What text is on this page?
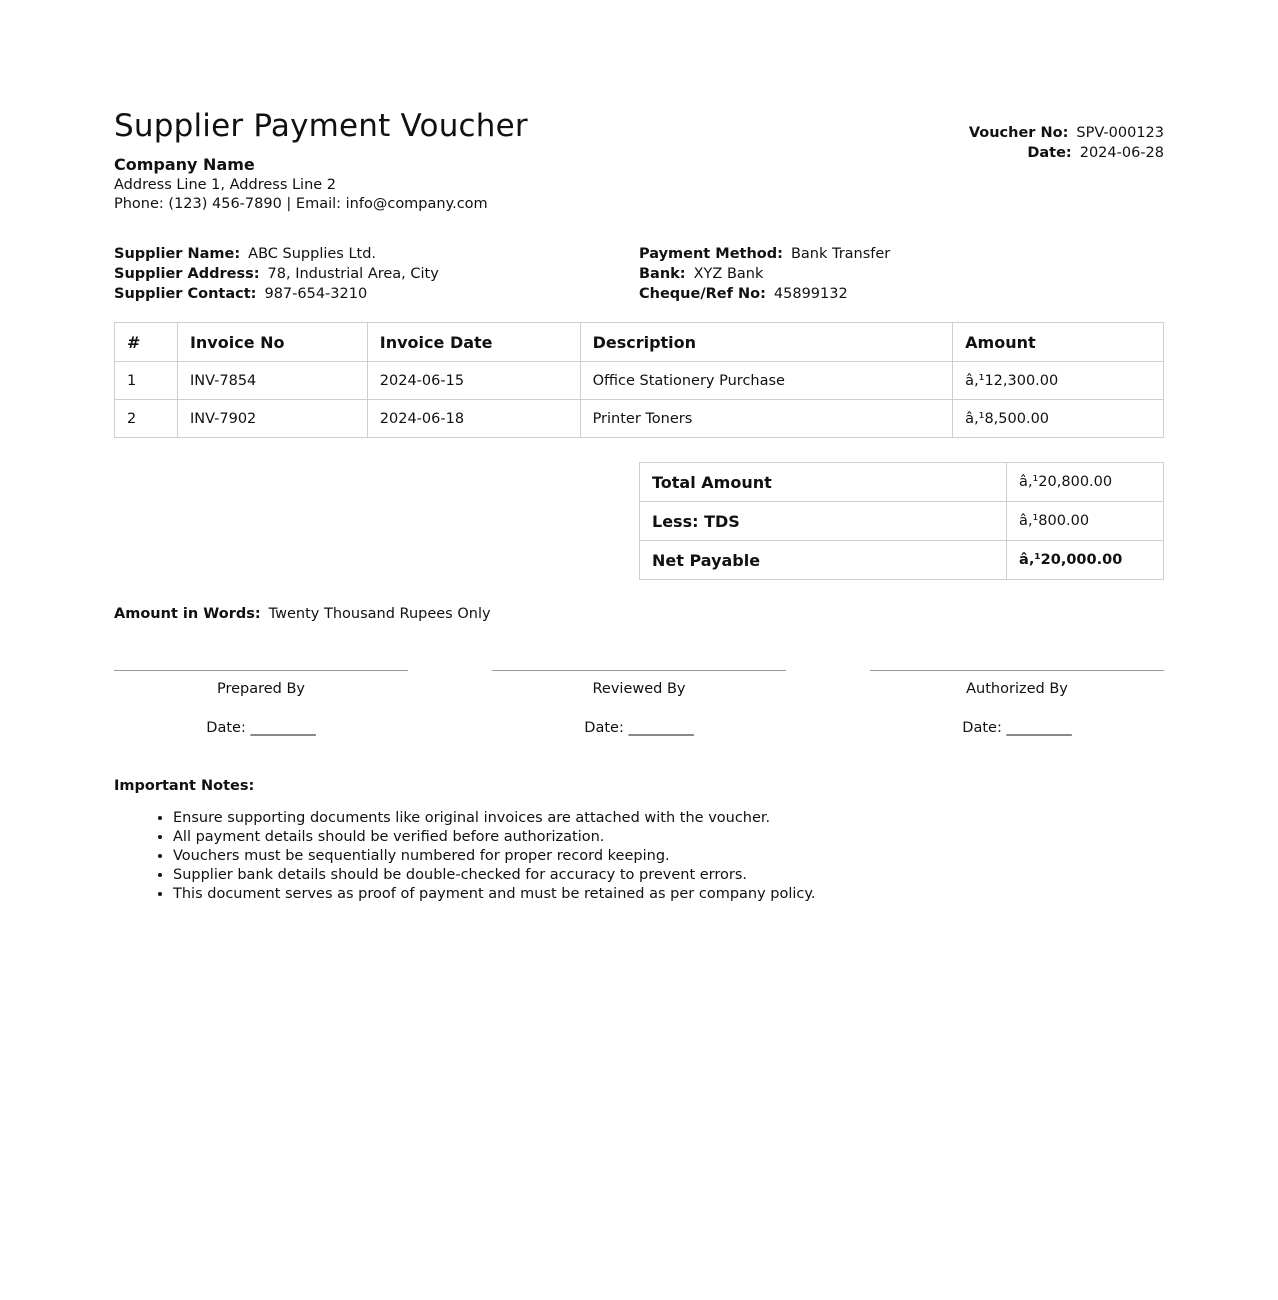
Supplier Payment Voucher
Company Name
Address Line 1, Address Line 2
Phone: (123) 456-7890 | Email: info@company.com
Voucher No: SPV-000123
Date: 2024-06-28
Supplier Name: ABC Supplies Ltd.
Supplier Address: 78, Industrial Area, City
Supplier Contact: 987-654-3210
Payment Method: Bank Transfer
Bank: XYZ Bank
Cheque/Ref No: 45899132
#	Invoice No	Invoice Date	Description	Amount
1	INV-7854	2024-06-15	Office Stationery Purchase	â‚¹12,300.00
2	INV-7902	2024-06-18	Printer Toners	â‚¹8,500.00
Total Amount	â‚¹20,800.00
Less: TDS	â‚¹800.00
Net Payable	â‚¹20,000.00
Amount in Words: Twenty Thousand Rupees Only
Prepared By
Date: _________
Reviewed By
Date: _________
Authorized By
Date: _________
Important Notes:
• Ensure supporting documents like original invoices are attached with the voucher.
• All payment details should be verified before authorization.
• Vouchers must be sequentially numbered for proper record keeping.
• Supplier bank details should be double-checked for accuracy to prevent errors.
• This document serves as proof of payment and must be retained as per company policy.
